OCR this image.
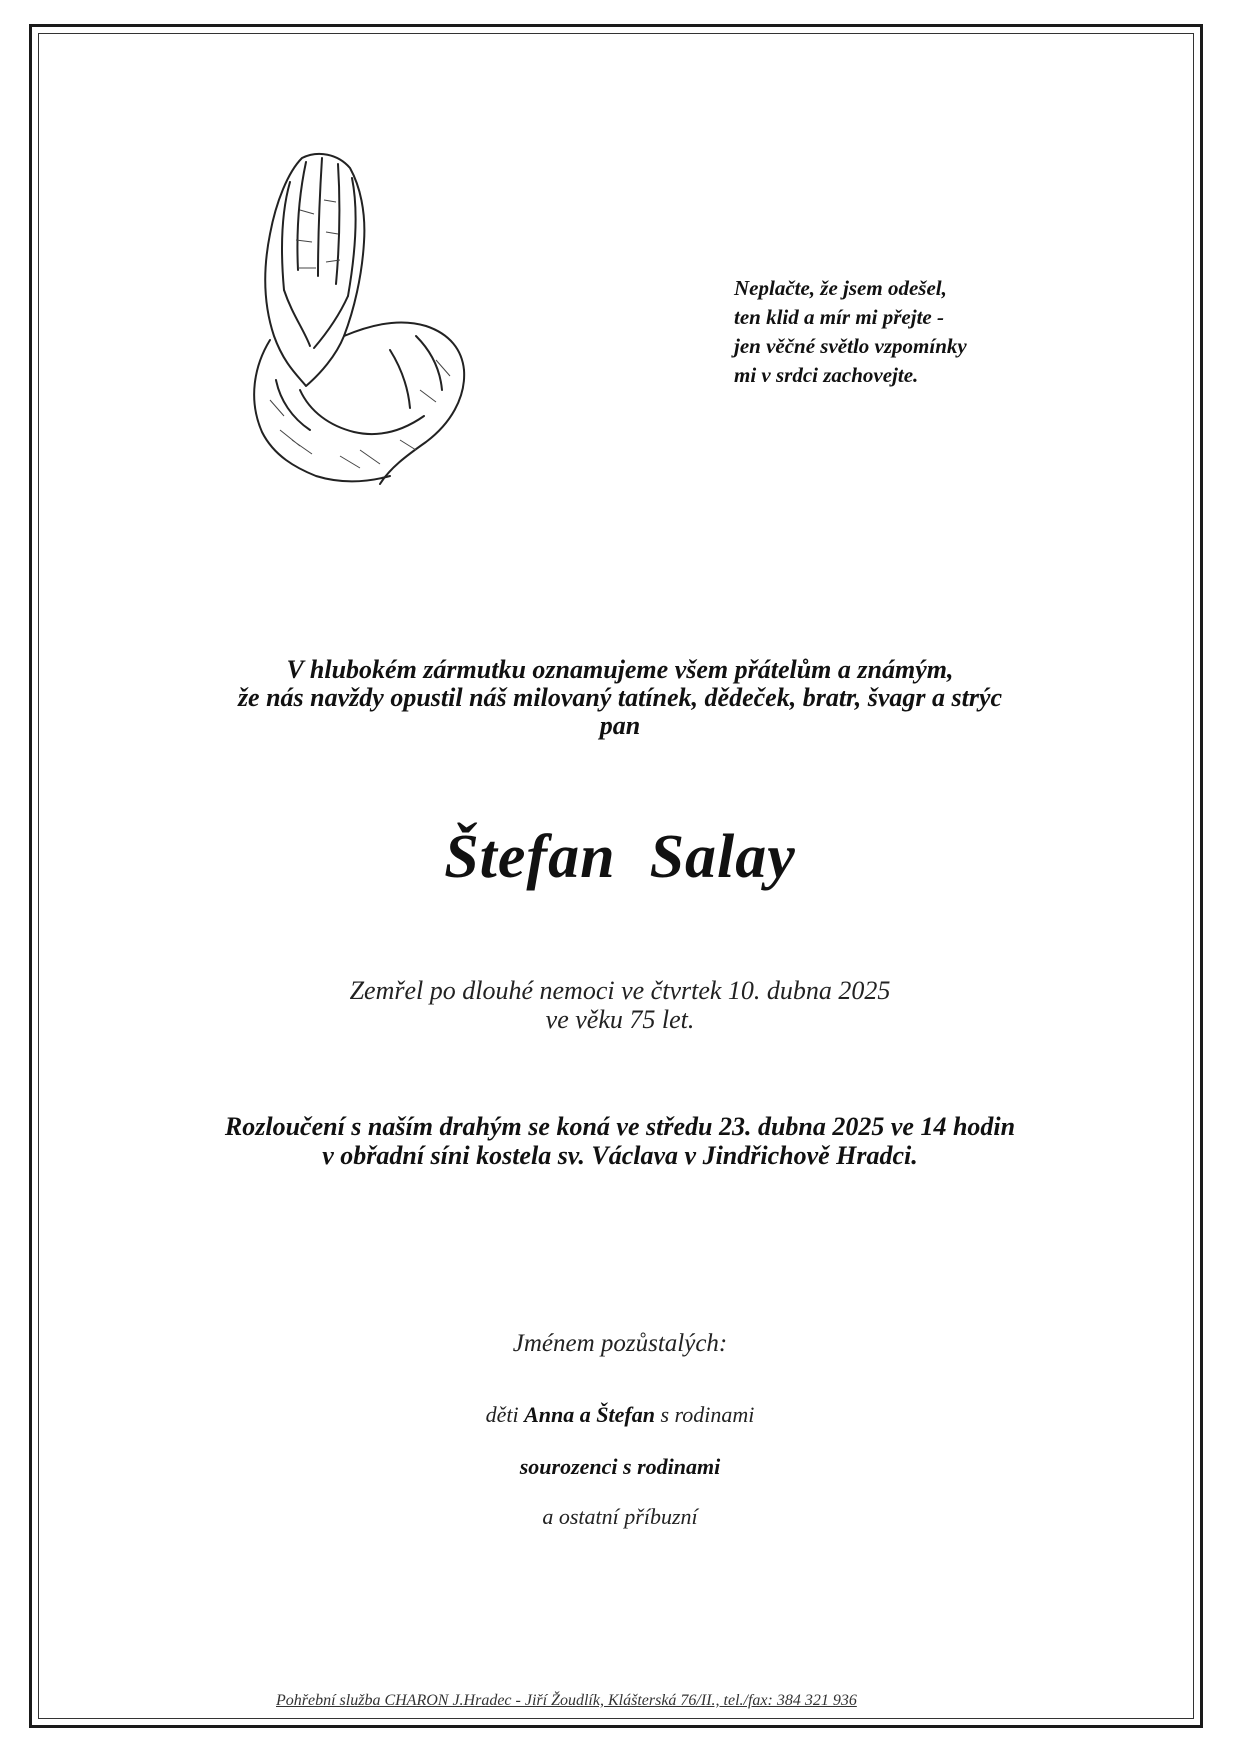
Neplačte, že jsem odešel,
ten klid a mír mi přejte -
jen věčné světlo vzpomínky
mi v srdci zachovejte.
V hlubokém zármutku oznamujeme všem přátelům a známým,
že nás navždy opustil náš milovaný tatínek, dědeček, bratr, švagr a strýc
pan
Štefan Salay
Zemřel po dlouhé nemoci ve čtvrtek 10. dubna 2025
ve věku 75 let.
Rozloučení s naším drahým se koná ve středu 23. dubna 2025 ve 14 hodin
v obřadní síni kostela sv. Václava v Jindřichově Hradci.
Jménem pozůstalých:
děti Anna a Štefan s rodinami
sourozenci s rodinami
a ostatní příbuzní
Pohřební služba CHARON J.Hradec - Jiří Žoudlík, Klášterská 76/II., tel./fax: 384 321 936
